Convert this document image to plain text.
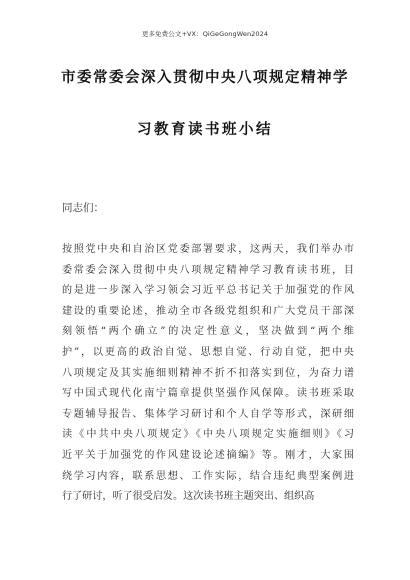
更多免费公文+VX：QiGeGongWen2024
市委常委会深入贯彻中央八项规定精神学
习教育读书班小结
同志们：
按照党中央和自治区党委部署要求，这两天，我们举办市
委常委会深入贯彻中央八项规定精神学习教育读书班，目
的是进一步深入学习领会习近平总书记关于加强党的作风
建设的重要论述，推动全市各级党组织和广大党员干部深
刻领悟“两个确立”的决定性意义，坚决做到“两个维
护”，以更高的政治自觉、思想自觉、行动自觉，把中央
八项规定及其实施细则精神不折不扣落实到位，为奋力谱
写中国式现代化南宁篇章提供坚强作风保障。读书班采取
专题辅导报告、集体学习研讨和个人自学等形式，深研细
读《中共中央八项规定》《中央八项规定实施细则》《习
近平关于加强党的作风建设论述摘编》等。刚才，大家围
绕学习内容，联系思想、工作实际，结合违纪典型案例进
行了研讨，听了很受启发。这次读书班主题突出、组织高
